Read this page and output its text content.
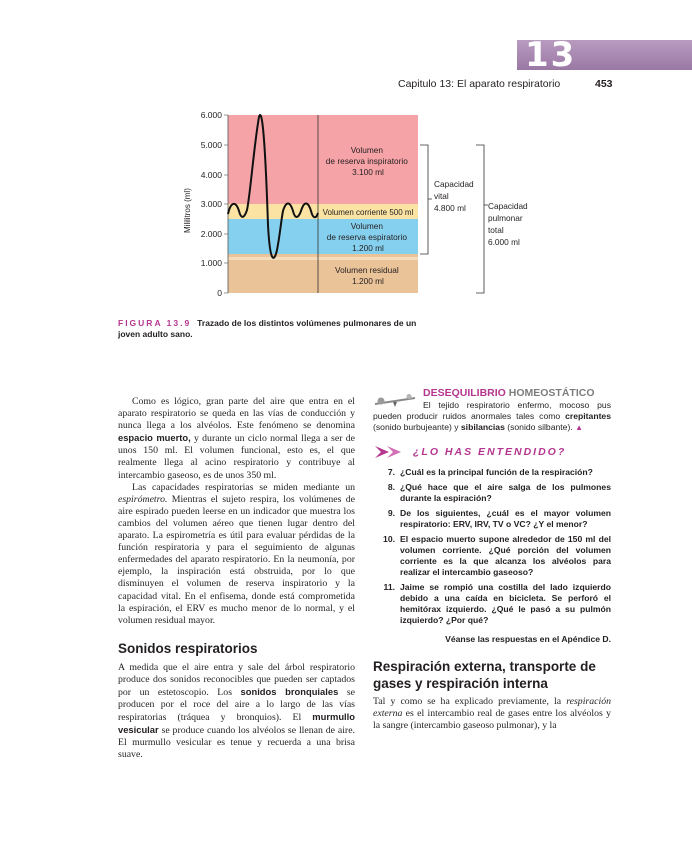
13
Capitulo 13: El aparato respiratorio	453
6.000
5.000
4.000
3.000
2.000
1.000
0
Mililitros (ml)
Volumen de reserva inspiratorio 3.100 ml
Volumen corriente 500 ml
Volumen de reserva espiratorio 1.200 ml
Volumen residual 1.200 ml
Capacidad vital 4.800 ml	Capacidad pulmonar total 6.000 ml
FIGURA 13.9 Trazado de los distintos volúmenes pulmonares de un joven adulto sano.

Como es lógico, gran parte del aire que entra en el aparato respiratorio se queda en las vías de conducción y nunca llega a los alvéolos. Este fenómeno se denomina espacio muerto, y durante un ciclo normal llega a ser de unos 150 ml. El volumen funcional, esto es, el que realmente llega al acino respiratorio y contribuye al intercambio gaseoso, es de unos 350 ml.

Las capacidades respiratorias se miden mediante un espirómetro. Mientras el sujeto respira, los volúmenes de aire espirado pueden leerse en un indicador que muestra los cambios del volumen aéreo que tienen lugar dentro del aparato. La espirometría es útil para evaluar pérdidas de la función respiratoria y para el seguimiento de algunas enfermedades del aparato respiratorio. En la neumonía, por ejemplo, la inspiración está obstruida, por lo que disminuyen el volumen de reserva inspiratorio y la capacidad vital. En el enfisema, donde está comprometida la espiración, el ERV es mucho menor de lo normal, y el volumen residual mayor.

Sonidos respiratorios

A medida que el aire entra y sale del árbol respiratorio produce dos sonidos reconocibles que pueden ser captados por un estetoscopio. Los sonidos bronquiales se producen por el roce del aire a lo largo de las vías respiratorias (tráquea y bronquios). El murmullo vesicular se produce cuando los alvéolos se llenan de aire. El murmullo vesicular es tenue y recuerda a una brisa suave.

DESEQUILIBRIO HOMEOSTÁTICO

El tejido respiratorio enfermo, mocoso pus pueden producir ruidos anormales tales como crepitantes (sonido burbujeante) y sibilancias (sonido silbante). ▲

¿LO HAS ENTENDIDO?
7. ¿Cuál es la principal función de la respiración?
8. ¿Qué hace que el aire salga de los pulmones durante la espiración?
9. De los siguientes, ¿cuál es el mayor volumen respiratorio: ERV, IRV, TV o VC? ¿Y el menor?
10. El espacio muerto supone alrededor de 150 ml del volumen corriente. ¿Qué porción del volumen corriente es la que alcanza los alvéolos para realizar el intercambio gaseoso?
11. Jaime se rompió una costilla del lado izquierdo debido a una caída en bicicleta. Se perforó el hemitórax izquierdo. ¿Qué le pasó a su pulmón izquierdo? ¿Por qué?
Véanse las respuestas en el Apéndice D.
Respiración externa, transporte de gases y respiración interna

Tal y como se ha explicado previamente, la respiración externa es el intercambio real de gases entre los alvéolos y la sangre (intercambio gaseoso pulmonar), y la
